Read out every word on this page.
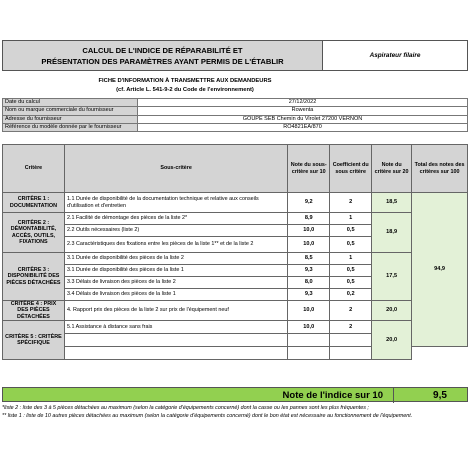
CALCUL DE L'INDICE DE RÉPARABILITÉ ET
PRÉSENTATION DES PARAMÈTRES AYANT PERMIS DE L'ÉTABLIR
	Aspirateur filaire
FICHE D'INFORMATION À TRANSMETTRE AUX DEMANDEURS
(cf. Article L. 541-9-2 du Code de l'environnement)
Date du calcul	27/12/2022
Nom ou marque commerciale du fournisseur	Rowenta
Adresse du fournisseur	GOUPE SEB Chemin du Virolet 27200 VERNON
Référence du modèle donnée par le fournisseur	RO4821EA/870
Critère	Sous-critère	Note du sous-critère sur 10	Coefficient du sous critère	Note du critère sur 20	Total des notes des critères sur 100
CRITÈRE 1 : DOCUMENTATION	1.1 Durée de disponibilité de la documentation technique et relative aux conseils d'utilisation et d'entretien	9,2	2	18,5	94,9
CRITÈRE 2 : DÉMONTABILITÉ, ACCÈS, OUTILS, FIXATIONS	2.1 Facilité de démontage des pièces de la liste 2*	8,9	1	18,9	
	2.2 Outils nécessaires (liste 2)	10,0	0,5		
	2.3 Caractéristiques des fixations entre les pièces de la liste 1** et de la liste 2	10,0	0,5		
CRITÈRE 3 : DISPONIBILITÉ DES PIÈCES DÉTACHÉES	3.1 Durée de disponibilité des pièces de la liste 2	8,5	1	17,5	
	3.1 Durée de disponibilité des pièces de la liste 1	9,3	0,5		
	3.3 Délais de livraison des pièces de la liste 2	8,0	0,5		
	3.4 Délais de livraison des pièces de la liste 1	9,3	0,2		
CRITÈRE 4 : PRIX DES PIÈCES DÉTACHÉES	4. Rapport prix des pièces de la liste 2 sur prix de l'équipement neuf	10,0	2	20,0	
CRITÈRE 5 : CRITÈRE SPÉCIFIQUE	5.1 Assistance à distance sans frais	10,0	2	20,0	

Note de l'indice sur 10	9,5
*liste 2 : liste des 3 à 5 pièces détachées au maximum (selon la catégorie d'équipements concerné) dont la casse ou les pannes sont les plus fréquentes ;
** liste 1 : liste de 10 autres pièces détachées au maximum (selon la catégorie d'équipements concerné) dont le bon état est nécessaire au fonctionnement de l'équipement.
